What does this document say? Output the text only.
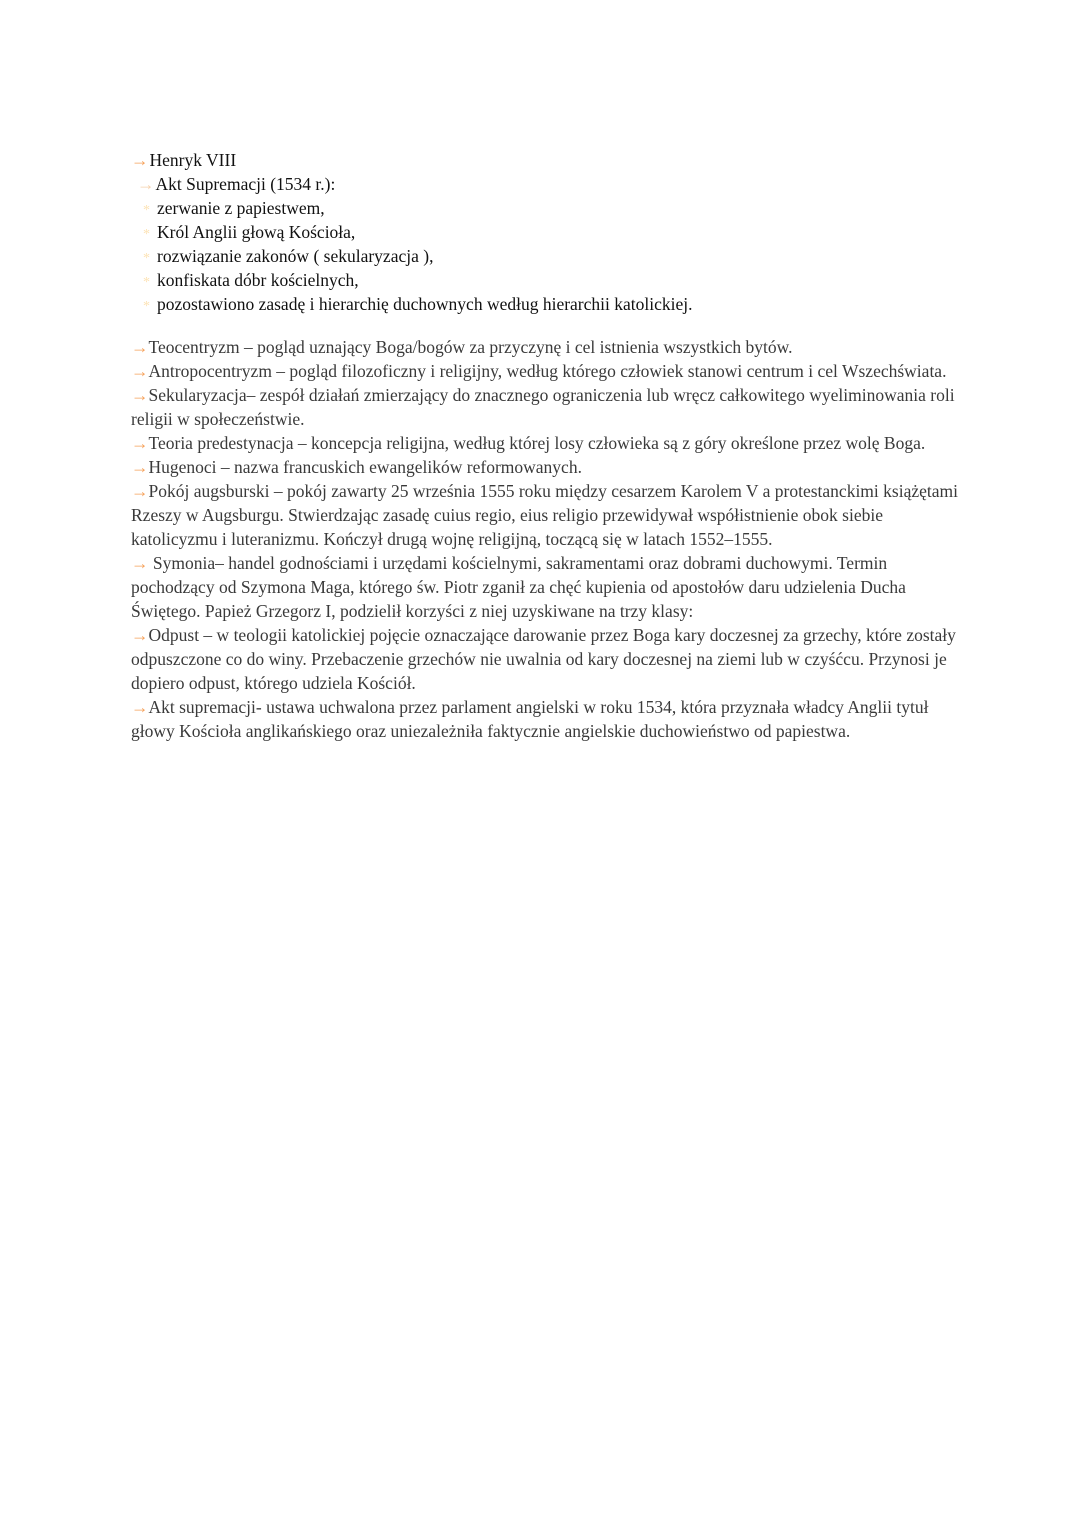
→Henryk VIII
→Akt Supremacji (1534 r.):
* zerwanie z papiestwem,
* Król Anglii głową Kościoła,
* rozwiązanie zakonów ( sekularyzacja ),
* konfiskata dóbr kościelnych,
* pozostawiono zasadę i hierarchię duchownych według hierarchii katolickiej.

→Teocentryzm – pogląd uznający Boga/bogów za przyczynę i cel istnienia wszystkich bytów.

→Antropocentryzm – pogląd filozoficzny i religijny, według którego człowiek stanowi centrum i cel Wszechświata.

→Sekularyzacja– zespół działań zmierzający do znacznego ograniczenia lub wręcz całkowitego wyeliminowania roli religii w społeczeństwie.

→Teoria predestynacja – koncepcja religijna, według której losy człowieka są z góry określone przez wolę Boga.

→Hugenoci – nazwa francuskich ewangelików reformowanych.

→Pokój augsburski – pokój zawarty 25 września 1555 roku między cesarzem Karolem V a protestanckimi książętami Rzeszy w Augsburgu. Stwierdzając zasadę cuius regio, eius religio przewidywał współistnienie obok siebie katolicyzmu i luteranizmu. Kończył drugą wojnę religijną, toczącą się w latach 1552–1555.

→ Symonia– handel godnościami i urzędami kościelnymi, sakramentami oraz dobrami duchowymi. Termin pochodzący od Szymona Maga, którego św. Piotr zganił za chęć kupienia od apostołów daru udzielenia Ducha Świętego. Papież Grzegorz I, podzielił korzyści z niej uzyskiwane na trzy klasy:

→Odpust – w teologii katolickiej pojęcie oznaczające darowanie przez Boga kary doczesnej za grzechy, które zostały odpuszczone co do winy. Przebaczenie grzechów nie uwalnia od kary doczesnej na ziemi lub w czyśćcu. Przynosi je dopiero odpust, którego udziela Kościół.

→Akt supremacji- ustawa uchwalona przez parlament angielski w roku 1534, która przyznała władcy Anglii tytuł głowy Kościoła anglikańskiego oraz uniezależniła faktycznie angielskie duchowieństwo od papiestwa.
